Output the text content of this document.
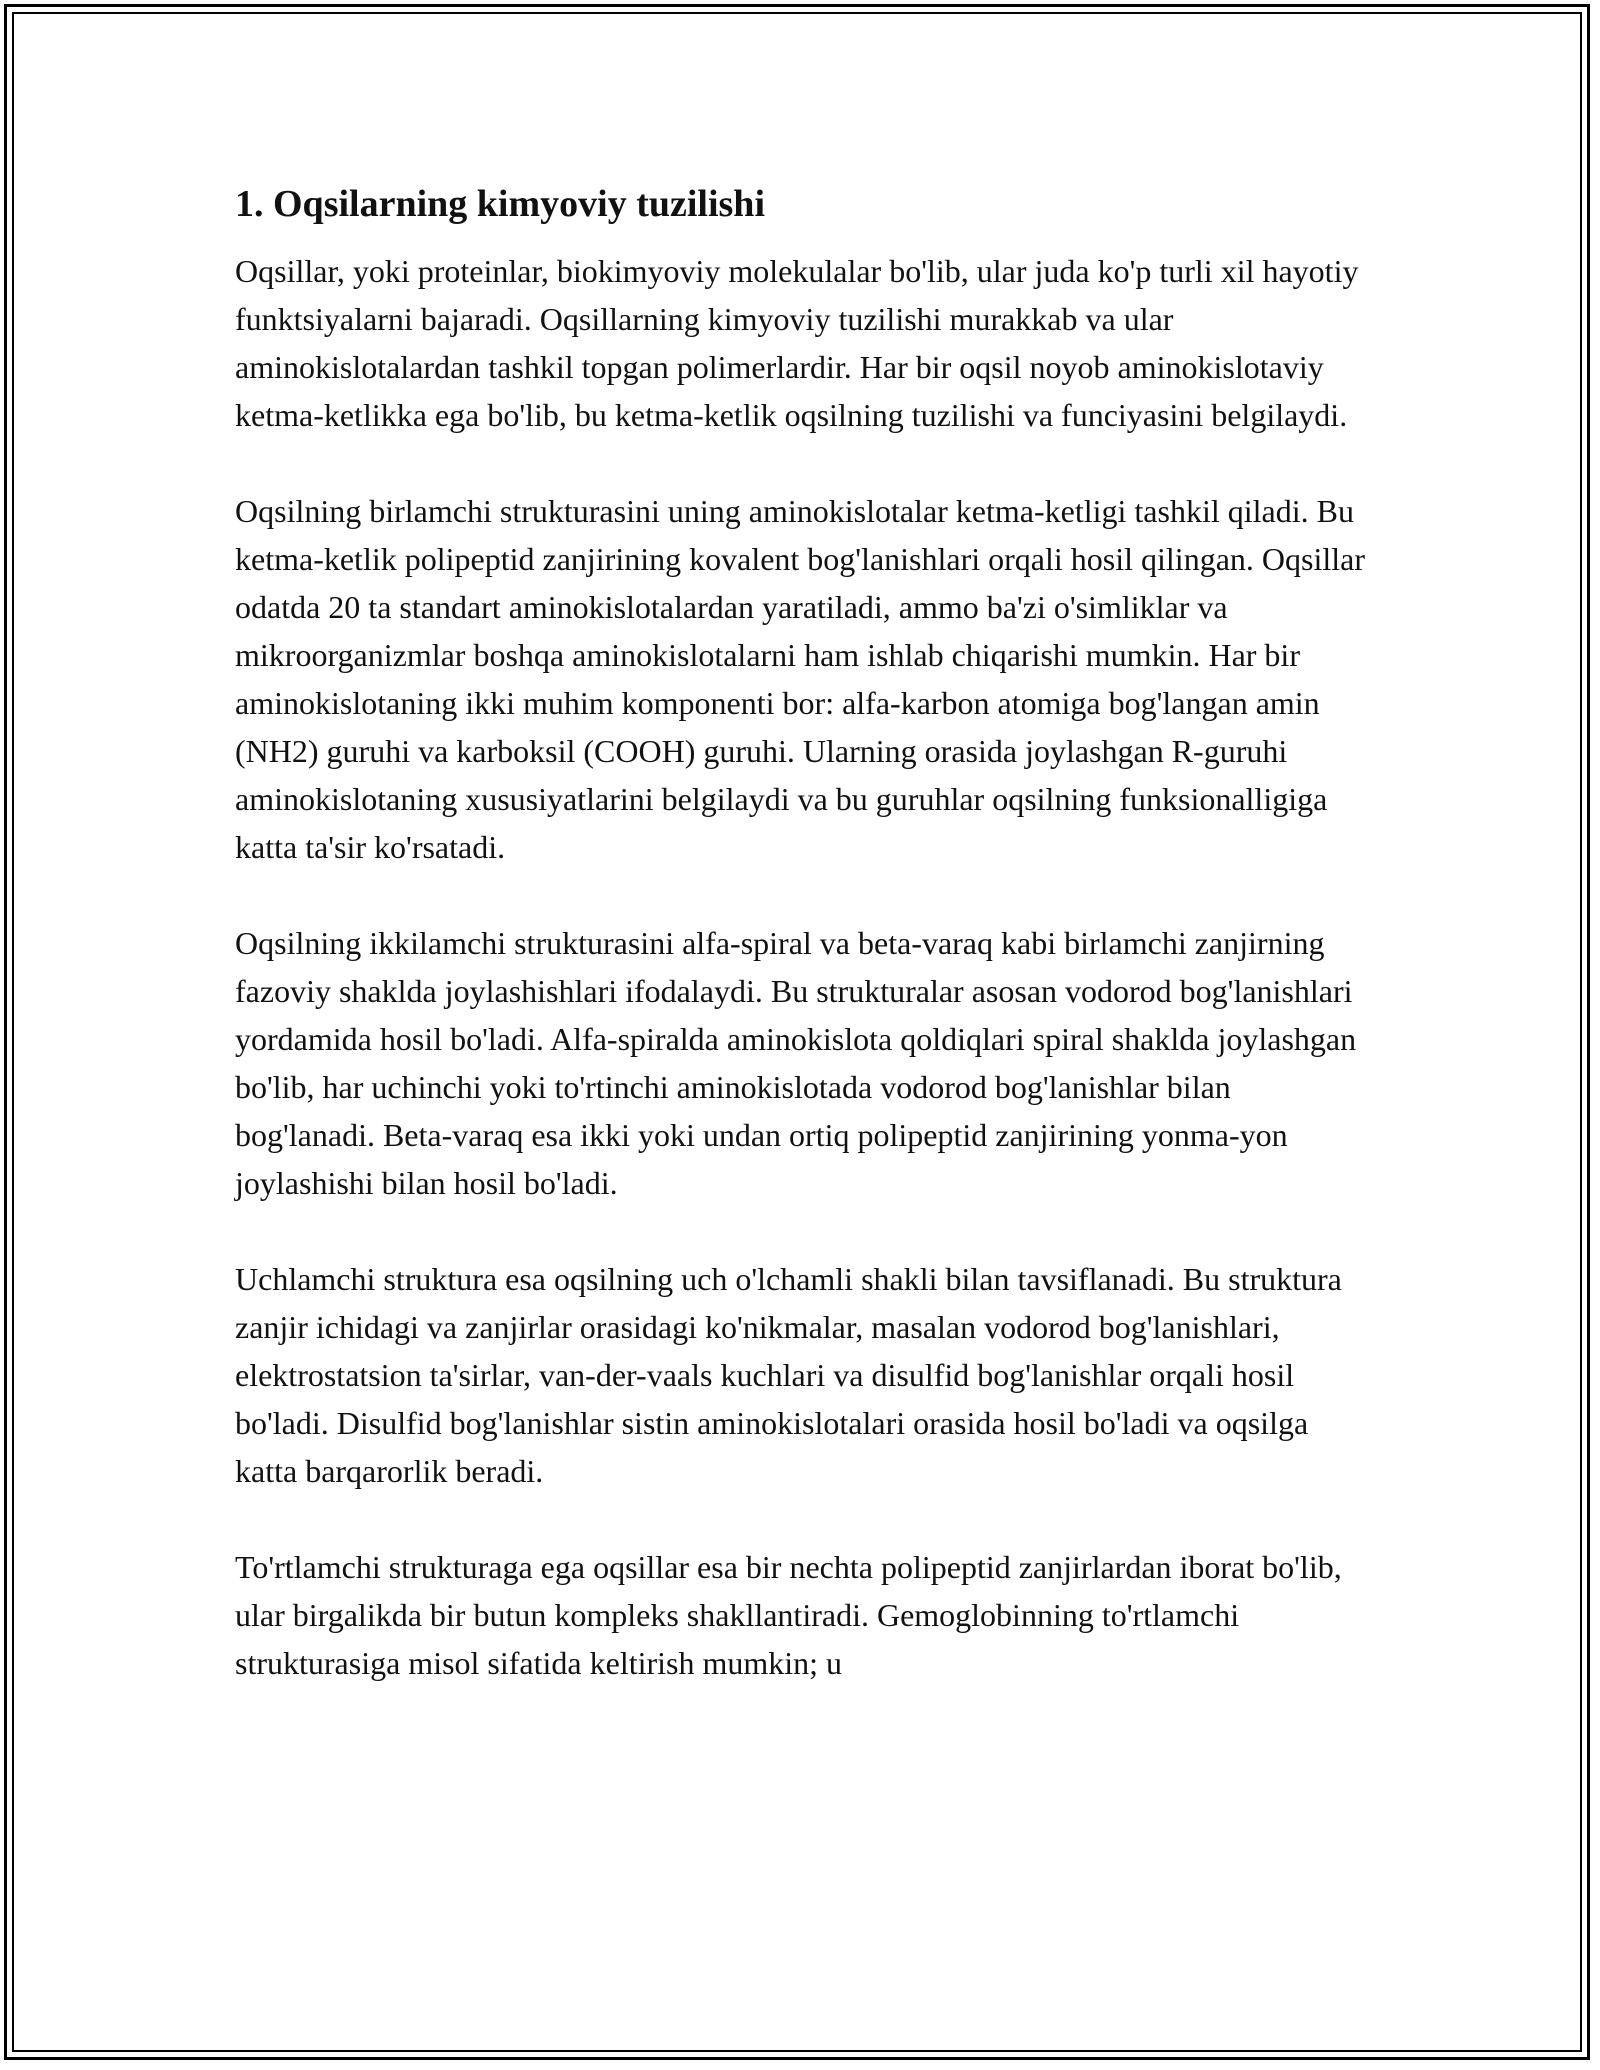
1. Oqsilarning kimyoviy tuzilishi

Oqsillar, yoki proteinlar, biokimyoviy molekulalar bo'lib, ular juda ko'p turli xil hayotiy funktsiyalarni bajaradi. Oqsillarning kimyoviy tuzilishi murakkab va ular aminokislotalardan tashkil topgan polimerlardir. Har bir oqsil noyob aminokislotaviy ketma-ketlikka ega bo'lib, bu ketma-ketlik oqsilning tuzilishi va funciyasini belgilaydi.

Oqsilning birlamchi strukturasini uning aminokislotalar ketma-ketligi tashkil qiladi. Bu ketma-ketlik polipeptid zanjirining kovalent bog'lanishlari orqali hosil qilingan. Oqsillar odatda 20 ta standart aminokislotalardan yaratiladi, ammo ba'zi o'simliklar va mikroorganizmlar boshqa aminokislotalarni ham ishlab chiqarishi mumkin. Har bir aminokislotaning ikki muhim komponenti bor: alfa-karbon atomiga bog'langan amin (NH2) guruhi va karboksil (COOH) guruhi. Ularning orasida joylashgan R-guruhi aminokislotaning xususiyatlarini belgilaydi va bu guruhlar oqsilning funksionalligiga katta ta'sir ko'rsatadi.

Oqsilning ikkilamchi strukturasini alfa-spiral va beta-varaq kabi birlamchi zanjirning fazoviy shaklda joylashishlari ifodalaydi. Bu strukturalar asosan vodorod bog'lanishlari yordamida hosil bo'ladi. Alfa-spiralda aminokislota qoldiqlari spiral shaklda joylashgan bo'lib, har uchinchi yoki to'rtinchi aminokislotada vodorod bog'lanishlar bilan bog'lanadi. Beta-varaq esa ikki yoki undan ortiq polipeptid zanjirining yonma-yon joylashishi bilan hosil bo'ladi.

Uchlamchi struktura esa oqsilning uch o'lchamli shakli bilan tavsiflanadi. Bu struktura zanjir ichidagi va zanjirlar orasidagi ko'nikmalar, masalan vodorod bog'lanishlari, elektrostatsion ta'sirlar, van-der-vaals kuchlari va disulfid bog'lanishlar orqali hosil bo'ladi. Disulfid bog'lanishlar sistin aminokislotalari orasida hosil bo'ladi va oqsilga katta barqarorlik beradi.

To'rtlamchi strukturaga ega oqsillar esa bir nechta polipeptid zanjirlardan iborat bo'lib, ular birgalikda bir butun kompleks shakllantiradi. Gemoglobinning to'rtlamchi strukturasiga misol sifatida keltirish mumkin; u
